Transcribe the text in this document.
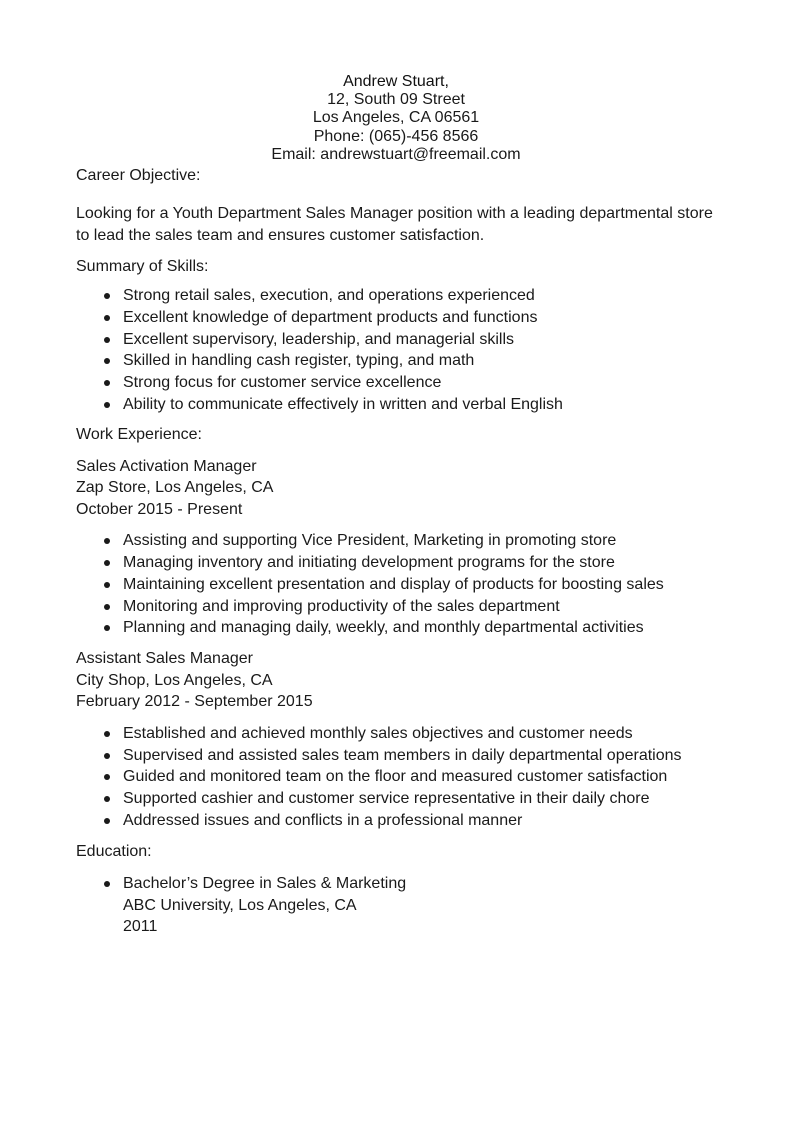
Andrew Stuart,
12, South 09 Street
Los Angeles, CA 06561
Phone: (065)-456 8566
Email: andrewstuart@freemail.com
Career Objective:
Looking for a Youth Department Sales Manager position with a leading departmental store
to lead the sales team and ensures customer satisfaction.
Summary of Skills:
Strong retail sales, execution, and operations experienced
Excellent knowledge of department products and functions
Excellent supervisory, leadership, and managerial skills
Skilled in handling cash register, typing, and math
Strong focus for customer service excellence
Ability to communicate effectively in written and verbal English
Work Experience:
Sales Activation Manager
Zap Store, Los Angeles, CA
October 2015 - Present
Assisting and supporting Vice President, Marketing in promoting store
Managing inventory and initiating development programs for the store
Maintaining excellent presentation and display of products for boosting sales
Monitoring and improving productivity of the sales department
Planning and managing daily, weekly, and monthly departmental activities
Assistant Sales Manager
City Shop, Los Angeles, CA
February 2012 - September 2015
Established and achieved monthly sales objectives and customer needs
Supervised and assisted sales team members in daily departmental operations
Guided and monitored team on the floor and measured customer satisfaction
Supported cashier and customer service representative in their daily chore
Addressed issues and conflicts in a professional manner
Education:
Bachelor’s Degree in Sales & Marketing
ABC University, Los Angeles, CA
2011
